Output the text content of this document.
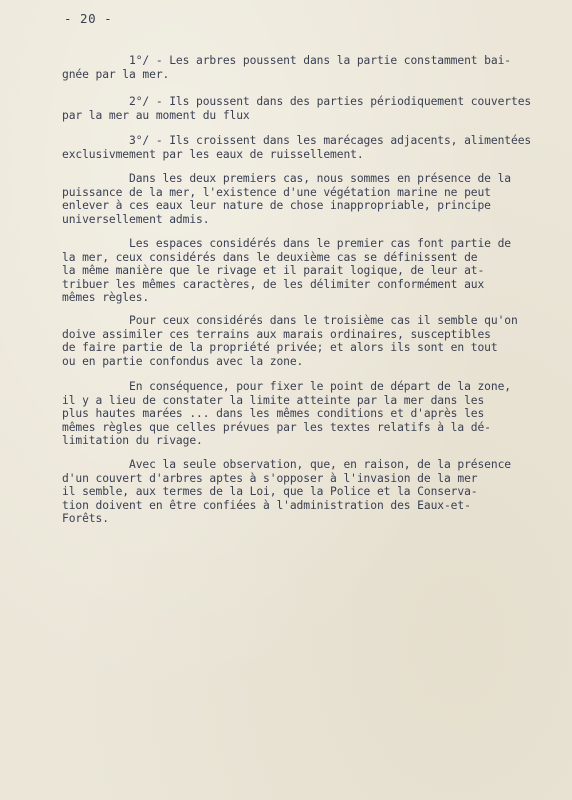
- 20 -

1°/ - Les arbres poussent dans la partie constamment bai-
gnée par la mer.

2°/ - Ils poussent dans des parties périodiquement couvertes
par la mer au moment du flux

3°/ - Ils croissent dans les marécages adjacents, alimentées
exclusivmement par les eaux de ruissellement.

Dans les deux premiers cas, nous sommes en présence de la
puissance de la mer, l'existence d'une végétation marine ne peut
enlever à ces eaux leur nature de chose inappropriable, principe
universellement admis.

Les espaces considérés dans le premier cas font partie de
la mer, ceux considérés dans le deuxième cas se définissent de
la même manière que le rivage et il parait logique, de leur at-
tribuer les mêmes caractères, de les délimiter conformément aux
mêmes règles.

Pour ceux considérés dans le troisième cas il semble qu'on
doive assimiler ces terrains aux marais ordinaires, susceptibles
de faire partie de la propriété privée; et alors ils sont en tout
ou en partie confondus avec la zone.

En conséquence, pour fixer le point de départ de la zone,
il y a lieu de constater la limite atteinte par la mer dans les
plus hautes marées ... dans les mêmes conditions et d'après les
mêmes règles que celles prévues par les textes relatifs à la dé-
limitation du rivage.

Avec la seule observation, que, en raison, de la présence
d'un couvert d'arbres aptes à s'opposer à l'invasion de la mer
il semble, aux termes de la Loi, que la Police et la Conserva-
tion doivent en être confiées à l'administration des Eaux-et-
Forêts.
